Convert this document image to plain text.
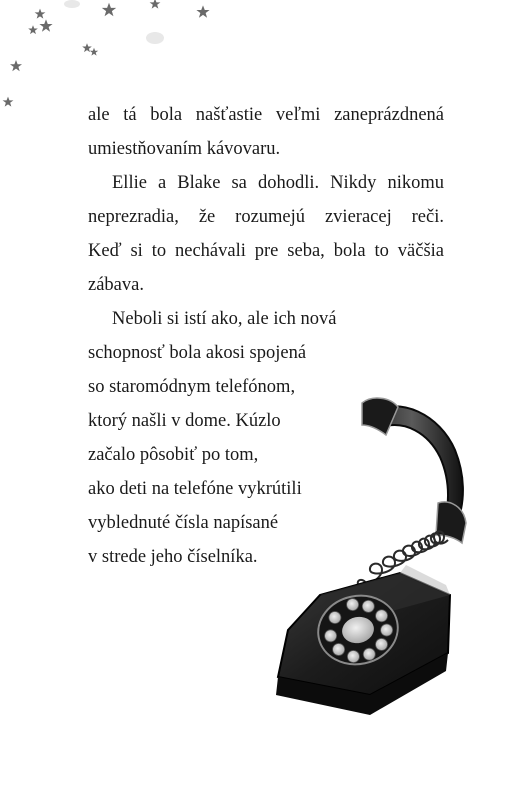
ale tá bola našťastie veľmi zaneprázdnená
umiestňovaním kávovaru.

Ellie a Blake sa dohodli. Nikdy nikomu
neprezradia, že rozumejú zvieracej reči.
Keď si to nechávali pre seba, bola to väčšia
zábava.

Neboli si istí ako, ale ich nová
schopnosť bola akosi spojená
so staromódnym telefónom,
ktorý našli v dome. Kúzlo
začalo pôsobiť po tom,
ako deti na telefóne vykrútili
vyblednuté čísla napísané
v strede jeho číselníka.
